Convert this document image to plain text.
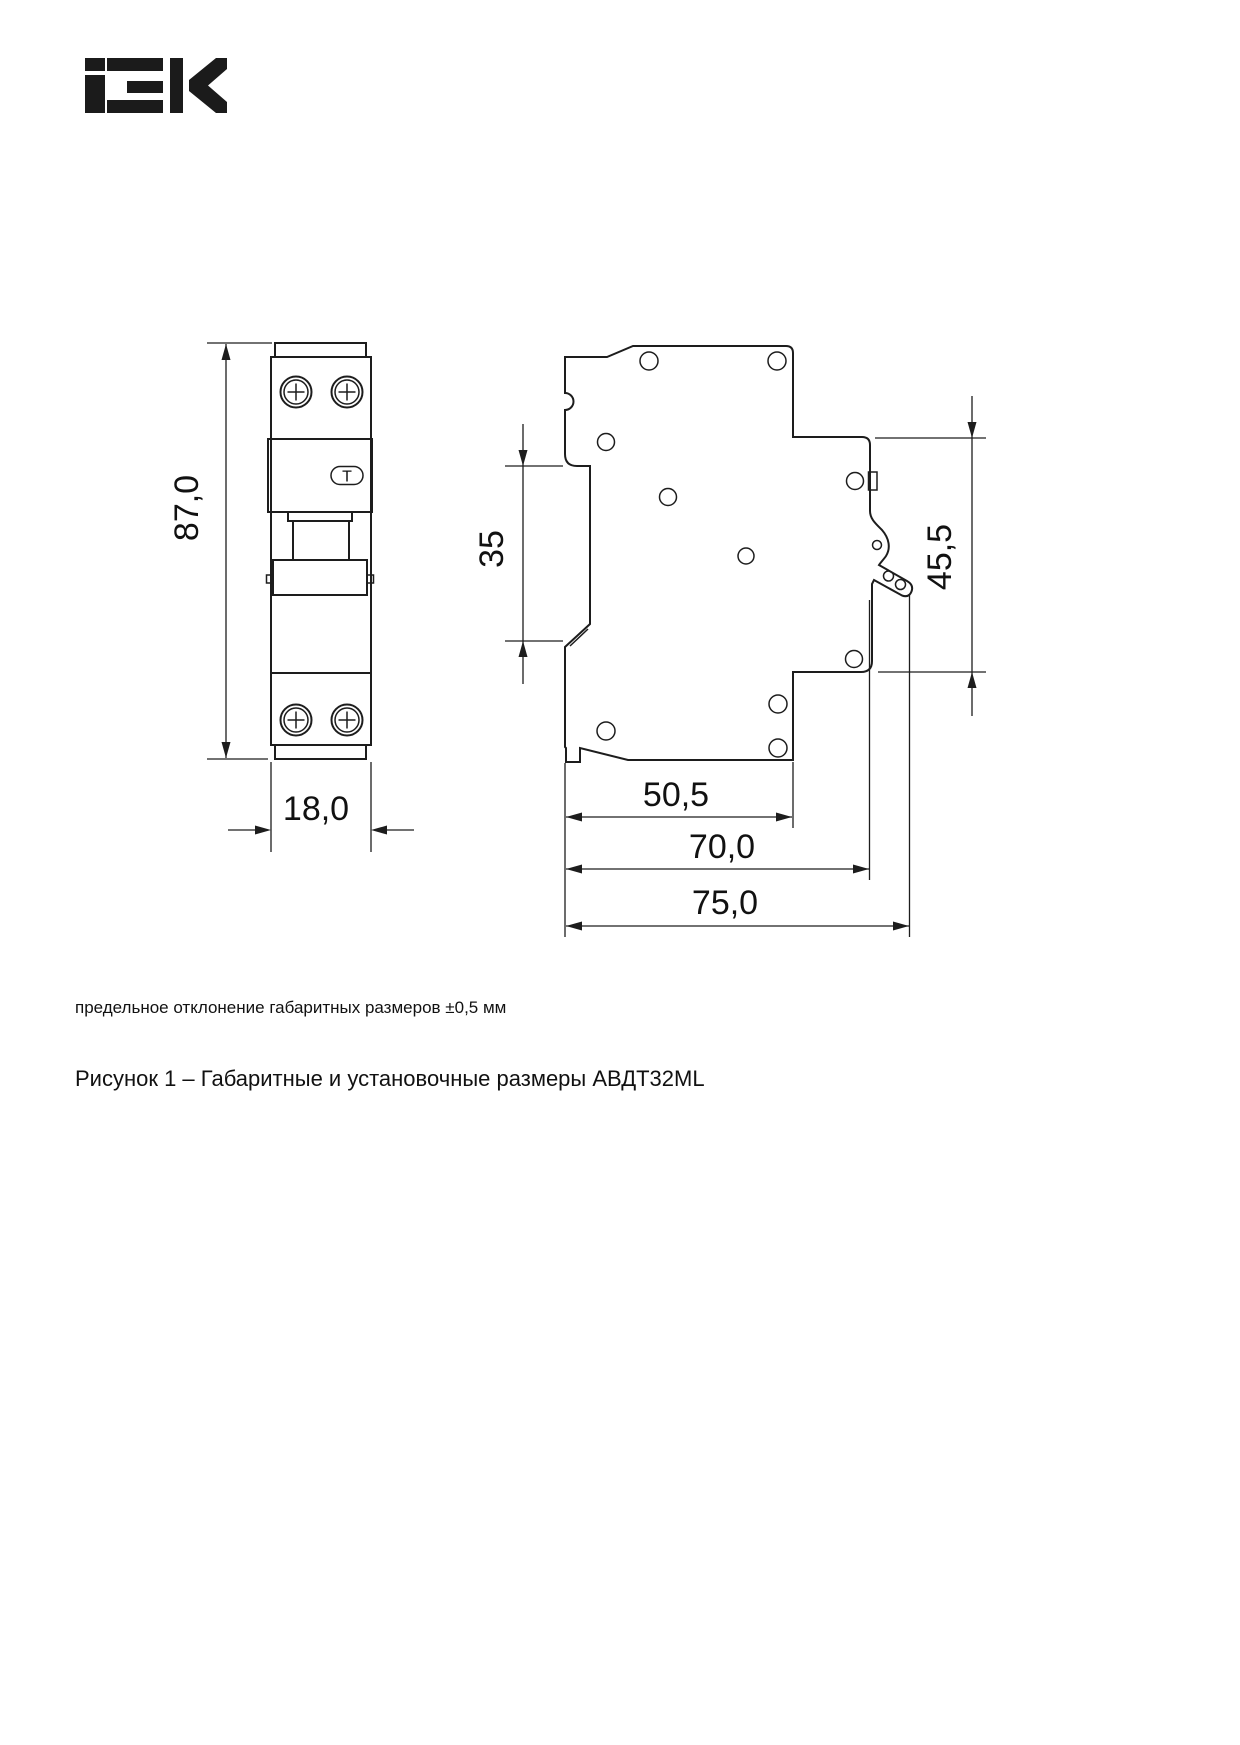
Т
87,0
18,0
35	45,5
50,5
70,0
75,0
предельное отклонение габаритных размеров ±0,5 мм
Рисунок 1 – Габаритные и установочные размеры АВДТ32ML
